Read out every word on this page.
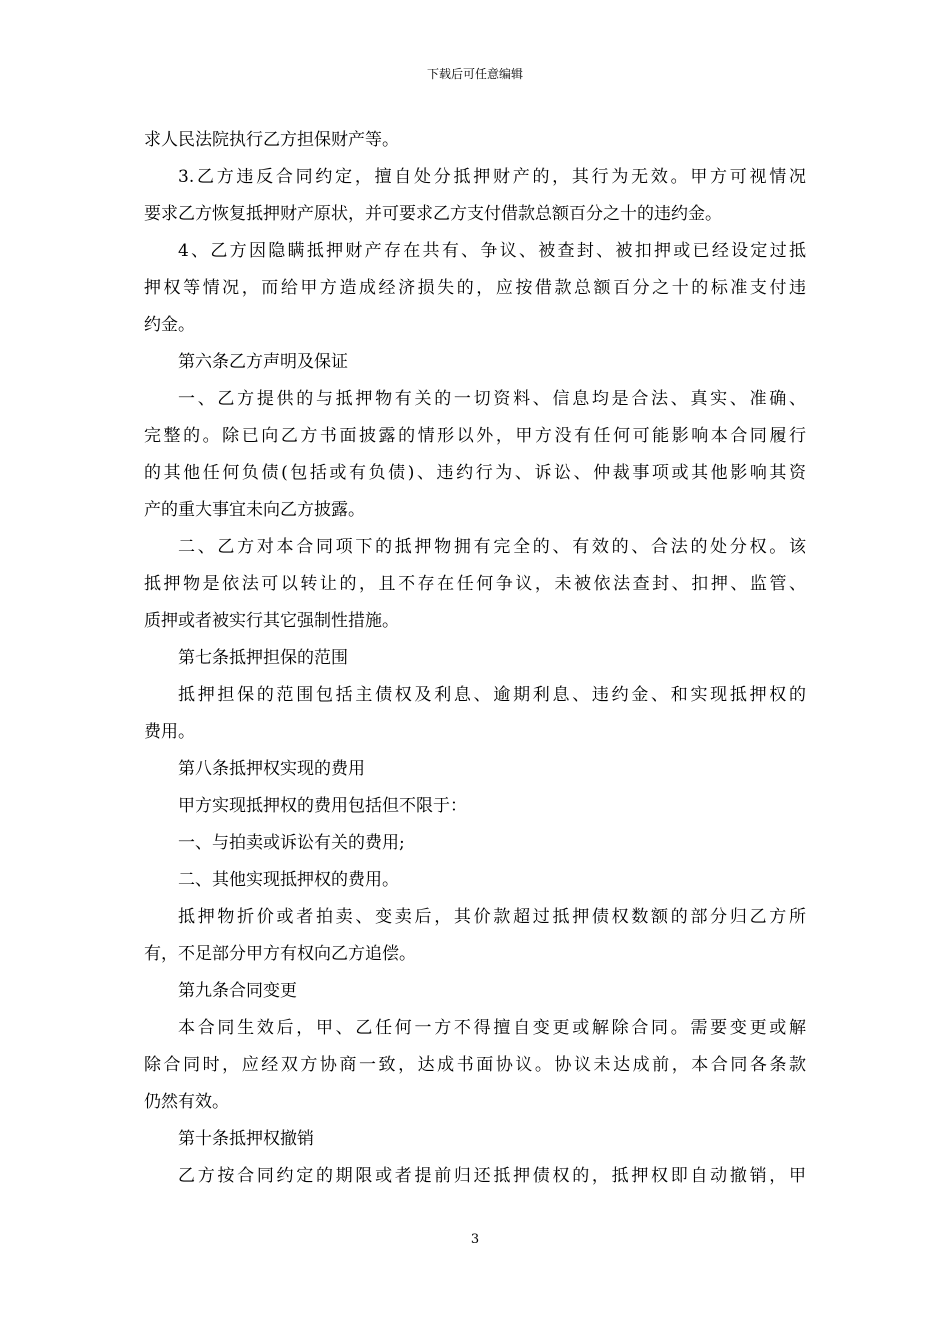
下载后可任意编辑
求人民法院执行乙方担保财产等。
3.乙方违反合同约定，擅自处分抵押财产的，其行为无效。甲方可视情况
要求乙方恢复抵押财产原状，并可要求乙方支付借款总额百分之十的违约金。
4、乙方因隐瞒抵押财产存在共有、争议、被查封、被扣押或已经设定过抵
押权等情况，而给甲方造成经济损失的，应按借款总额百分之十的标准支付违
约金。
第六条乙方声明及保证
一、乙方提供的与抵押物有关的一切资料、信息均是合法、真实、准确、
完整的。除已向乙方书面披露的情形以外，甲方没有任何可能影响本合同履行
的其他任何负债(包括或有负债)、违约行为、诉讼、仲裁事项或其他影响其资
产的重大事宜未向乙方披露。
二、乙方对本合同项下的抵押物拥有完全的、有效的、合法的处分权。该
抵押物是依法可以转让的，且不存在任何争议，未被依法查封、扣押、监管、
质押或者被实行其它强制性措施。
第七条抵押担保的范围
抵押担保的范围包括主债权及利息、逾期利息、违约金、和实现抵押权的
费用。
第八条抵押权实现的费用
甲方实现抵押权的费用包括但不限于：
一、与拍卖或诉讼有关的费用;
二、其他实现抵押权的费用。
抵押物折价或者拍卖、变卖后，其价款超过抵押债权数额的部分归乙方所
有，不足部分甲方有权向乙方追偿。
第九条合同变更
本合同生效后，甲、乙任何一方不得擅自变更或解除合同。需要变更或解
除合同时，应经双方协商一致，达成书面协议。协议未达成前，本合同各条款
仍然有效。
第十条抵押权撤销
乙方按合同约定的期限或者提前归还抵押债权的，抵押权即自动撤销，甲
3
